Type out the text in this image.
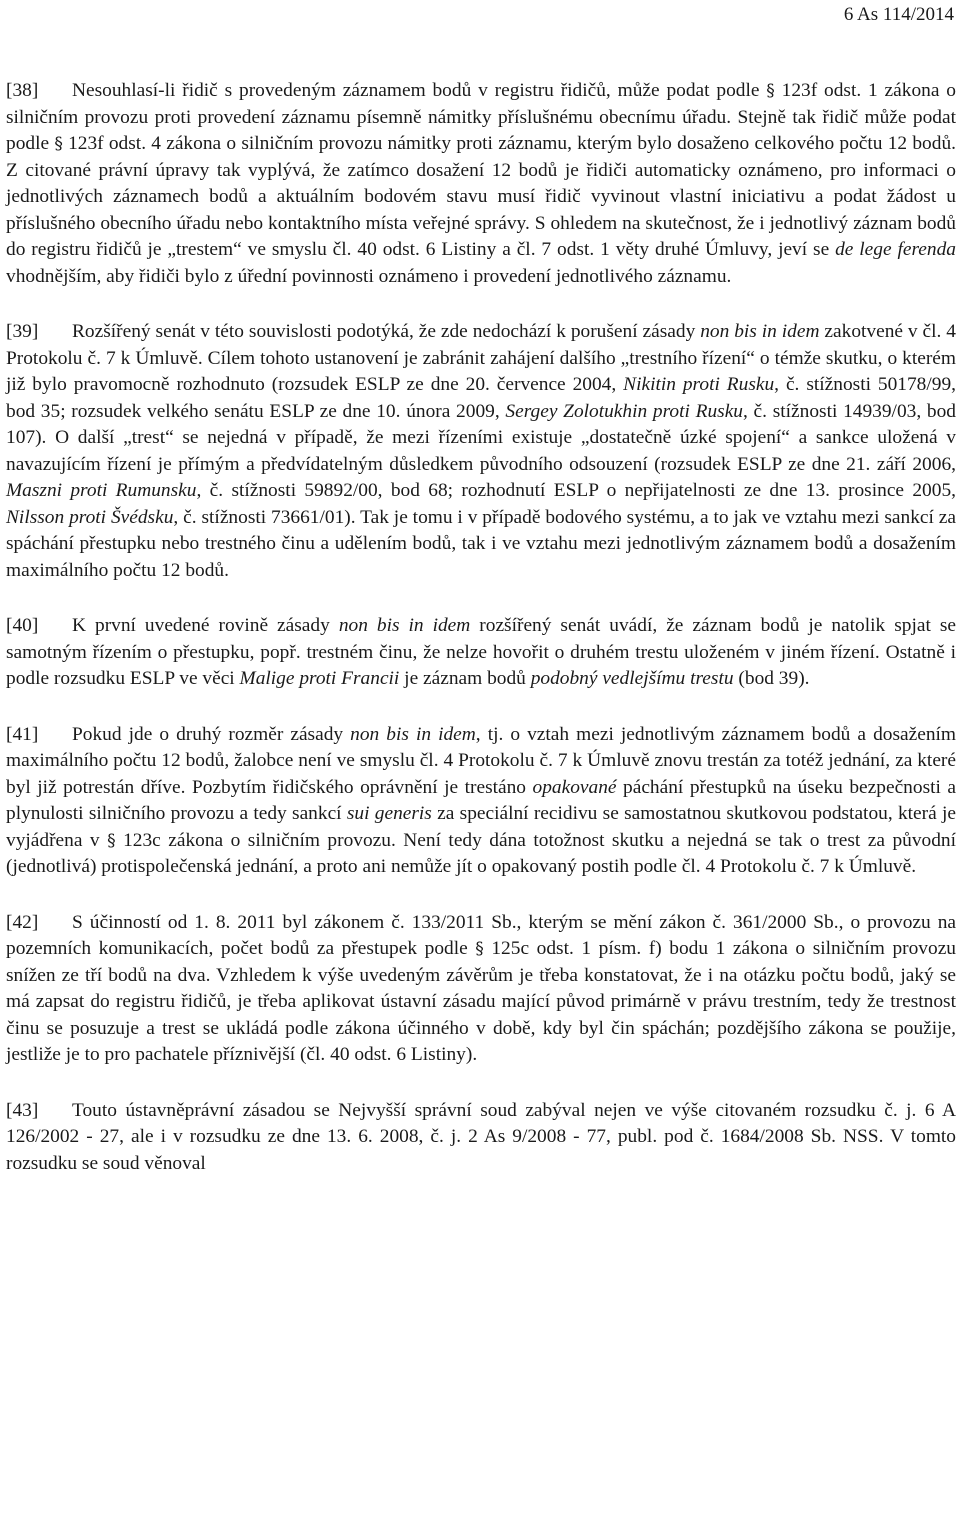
6 As 114/2014

[38] Nesouhlasí-li řidič s provedeným záznamem bodů v registru řidičů, může podat podle § 123f odst. 1 zákona o silničním provozu proti provedení záznamu písemně námitky příslušnému obecnímu úřadu. Stejně tak řidič může podat podle § 123f odst. 4 zákona o silničním provozu námitky proti záznamu, kterým bylo dosaženo celkového počtu 12 bodů. Z citované právní úpravy tak vyplývá, že zatímco dosažení 12 bodů je řidiči automaticky oznámeno, pro informaci o jednotlivých záznamech bodů a aktuálním bodovém stavu musí řidič vyvinout vlastní iniciativu a podat žádost u příslušného obecního úřadu nebo kontaktního místa veřejné správy. S ohledem na skutečnost, že i jednotlivý záznam bodů do registru řidičů je „trestem“ ve smyslu čl. 40 odst. 6 Listiny a čl. 7 odst. 1 věty druhé Úmluvy, jeví se de lege ferenda vhodnějším, aby řidiči bylo z úřední povinnosti oznámeno i provedení jednotlivého záznamu.

[39] Rozšířený senát v této souvislosti podotýká, že zde nedochází k porušení zásady non bis in idem zakotvené v čl. 4 Protokolu č. 7 k Úmluvě. Cílem tohoto ustanovení je zabránit zahájení dalšího „trestního řízení“ o témže skutku, o kterém již bylo pravomocně rozhodnuto (rozsudek ESLP ze dne 20. července 2004, Nikitin proti Rusku, č. stížnosti 50178/99, bod 35; rozsudek velkého senátu ESLP ze dne 10. února 2009, Sergey Zolotukhin proti Rusku, č. stížnosti 14939/03, bod 107). O další „trest“ se nejedná v případě, že mezi řízeními existuje „dostatečně úzké spojení“ a sankce uložená v navazujícím řízení je přímým a předvídatelným důsledkem původního odsouzení (rozsudek ESLP ze dne 21. září 2006, Maszni proti Rumunsku, č. stížnosti 59892/00, bod 68; rozhodnutí ESLP o nepřijatelnosti ze dne 13. prosince 2005, Nilsson proti Švédsku, č. stížnosti 73661/01). Tak je tomu i v případě bodového systému, a to jak ve vztahu mezi sankcí za spáchání přestupku nebo trestného činu a udělením bodů, tak i ve vztahu mezi jednotlivým záznamem bodů a dosažením maximálního počtu 12 bodů.

[40] K první uvedené rovině zásady non bis in idem rozšířený senát uvádí, že záznam bodů je natolik spjat se samotným řízením o přestupku, popř. trestném činu, že nelze hovořit o druhém trestu uloženém v jiném řízení. Ostatně i podle rozsudku ESLP ve věci Malige proti Francii je záznam bodů podobný vedlejšímu trestu (bod 39).

[41] Pokud jde o druhý rozměr zásady non bis in idem, tj. o vztah mezi jednotlivým záznamem bodů a dosažením maximálního počtu 12 bodů, žalobce není ve smyslu čl. 4 Protokolu č. 7 k Úmluvě znovu trestán za totéž jednání, za které byl již potrestán dříve. Pozbytím řidičského oprávnění je trestáno opakované páchání přestupků na úseku bezpečnosti a plynulosti silničního provozu a tedy sankcí sui generis za speciální recidivu se samostatnou skutkovou podstatou, která je vyjádřena v § 123c zákona o silničním provozu. Není tedy dána totožnost skutku a nejedná se tak o trest za původní (jednotlivá) protispolečenská jednání, a proto ani nemůže jít o opakovaný postih podle čl. 4 Protokolu č. 7 k Úmluvě.

[42] S účinností od 1. 8. 2011 byl zákonem č. 133/2011 Sb., kterým se mění zákon č. 361/2000 Sb., o provozu na pozemních komunikacích, počet bodů za přestupek podle § 125c odst. 1 písm. f) bodu 1 zákona o silničním provozu snížen ze tří bodů na dva. Vzhledem k výše uvedeným závěrům je třeba konstatovat, že i na otázku počtu bodů, jaký se má zapsat do registru řidičů, je třeba aplikovat ústavní zásadu mající původ primárně v právu trestním, tedy že trestnost činu se posuzuje a trest se ukládá podle zákona účinného v době, kdy byl čin spáchán; pozdějšího zákona se použije, jestliže je to pro pachatele příznivější (čl. 40 odst. 6 Listiny).

[43] Touto ústavněprávní zásadou se Nejvyšší správní soud zabýval nejen ve výše citovaném rozsudku č. j. 6 A 126/2002 - 27, ale i v rozsudku ze dne 13. 6. 2008, č. j. 2 As 9/2008 - 77, publ. pod č. 1684/2008 Sb. NSS. V tomto rozsudku se soud věnoval
